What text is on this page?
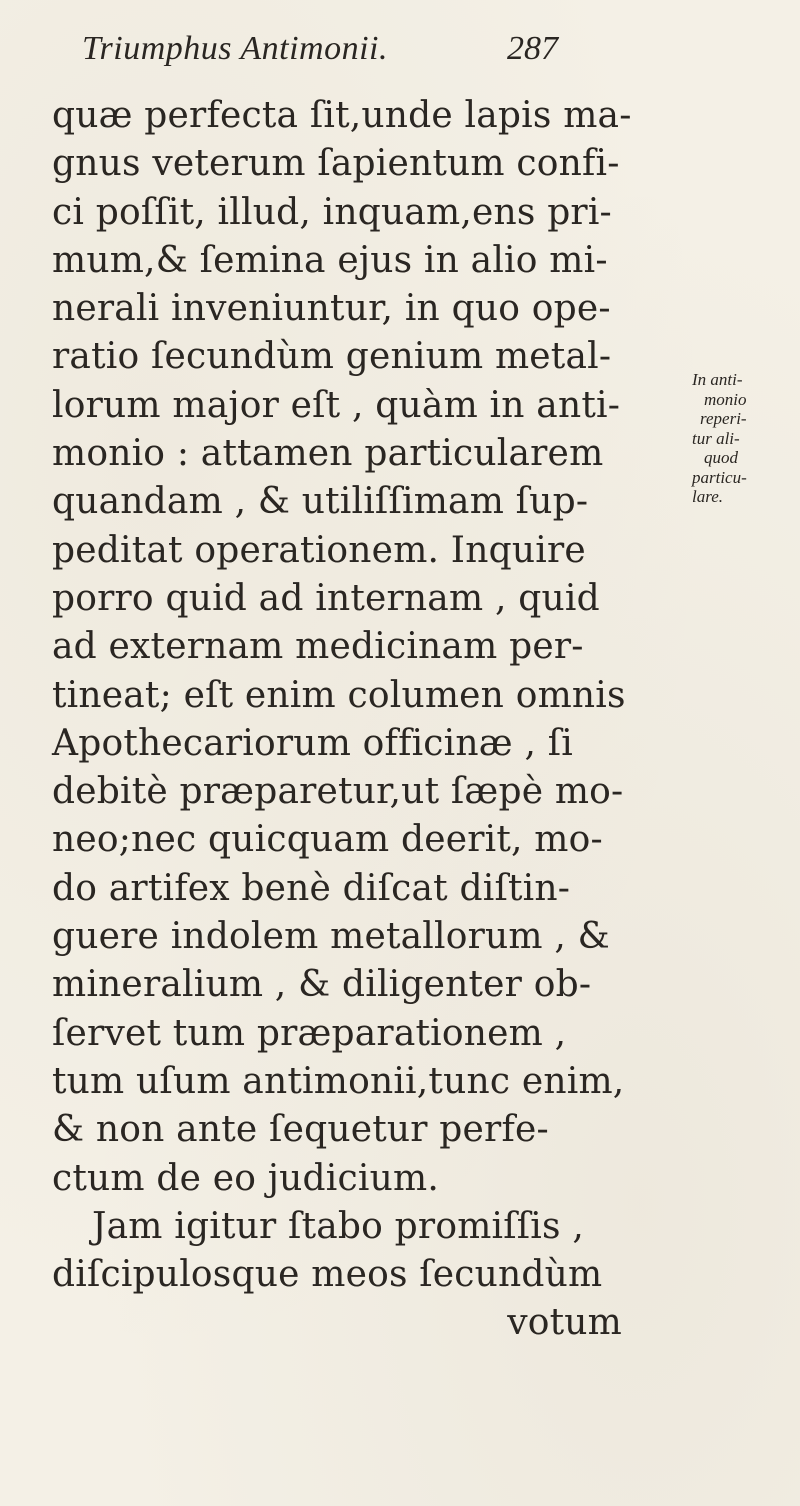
Triumphus Antimonii.	287
quæ perfecta ſit,unde lapis ma-
gnus veterum ſapientum confi-
ci poſſit, illud, inquam,ens pri-
mum,& ſemina ejus in alio mi-
nerali inveniuntur, in quo ope-
ratio ſecundùm genium metal-
lorum major eſt , quàm in anti-
monio : attamen particularem
quandam , & utiliſſimam ſup-
peditat operationem. Inquire
porro quid ad internam , quid
ad externam medicinam per-
tineat; eſt enim columen omnis
Apothecariorum officinæ , ſi
debitè præparetur,ut ſæpè mo-
neo;nec quicquam deerit, mo-
do artifex benè diſcat diſtin-
guere indolem metallorum , &
mineralium , & diligenter ob-
ſervet tum præparationem ,
tum uſum antimonii,tunc enim,
& non ante ſequetur perfe-
ctum de eo judicium.
Jam igitur ſtabo promiſſis ,
diſcipulosque meos ſecundùm
votum
In anti-
monio
reperi-
tur ali-
quod
particu-
lare.
